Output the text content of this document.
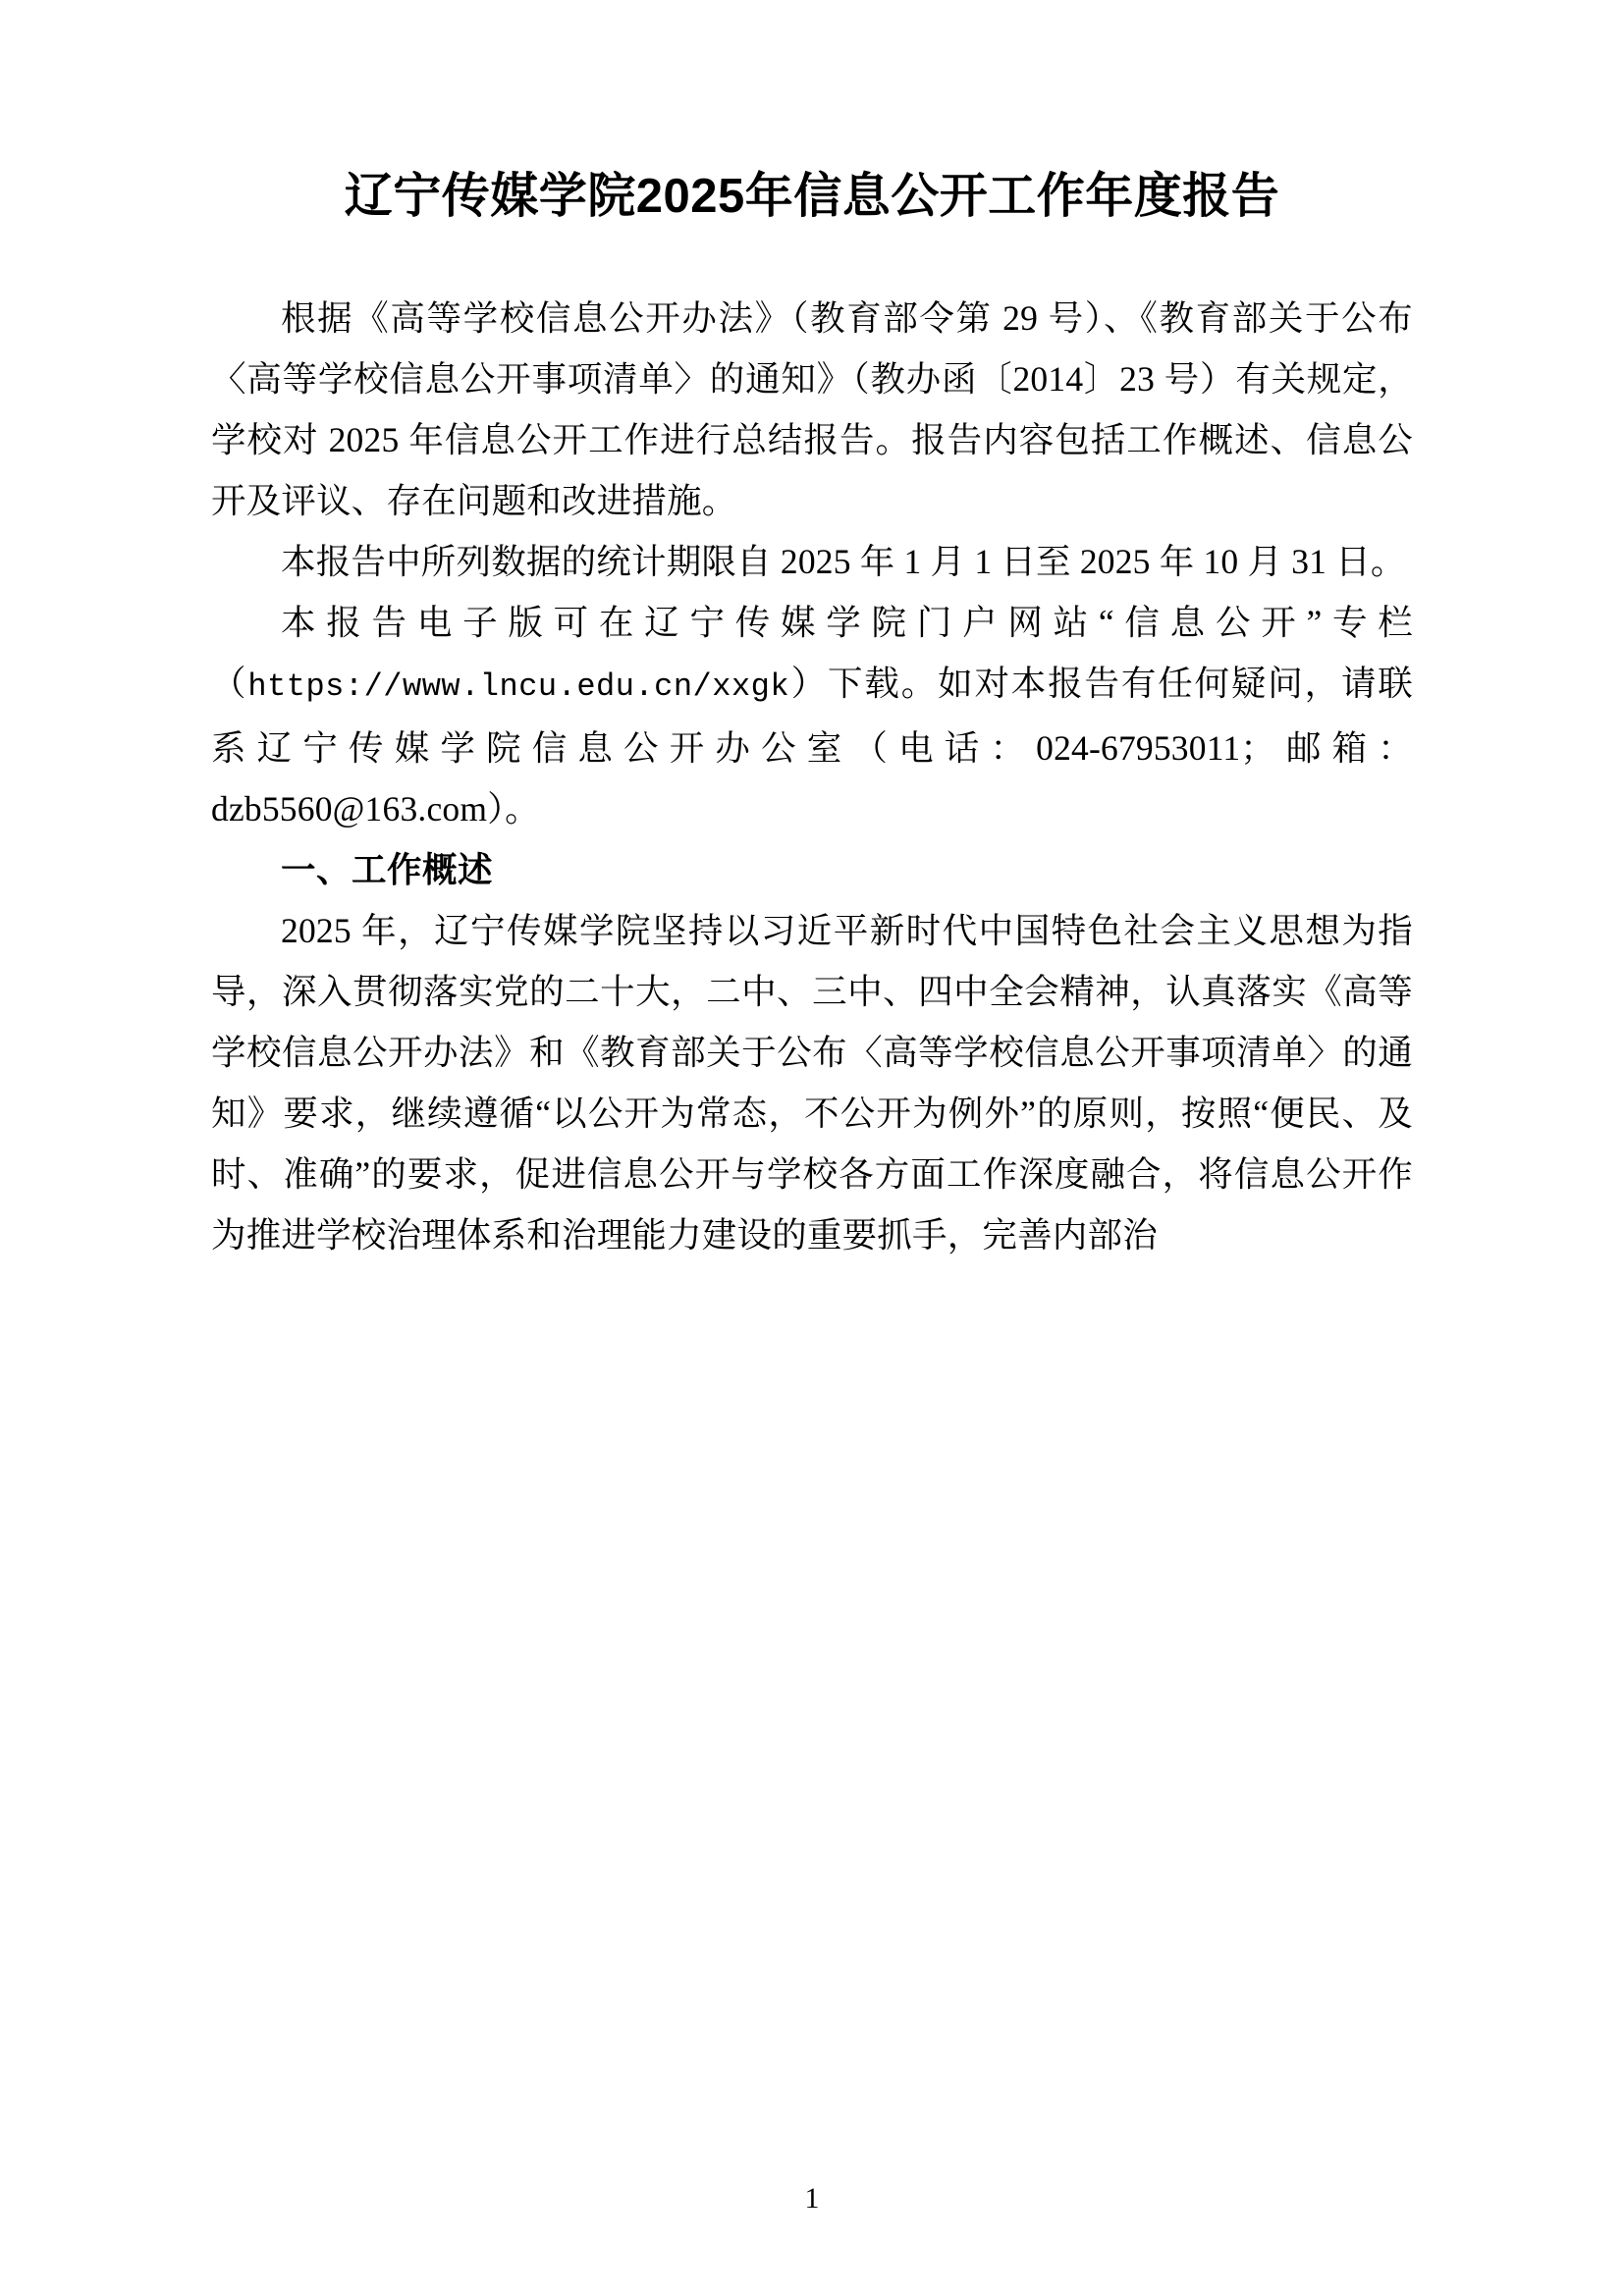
辽宁传媒学院2025年信息公开工作年度报告

根据《高等学校信息公开办法》（教育部令第 29 号）、《教育部关于公布〈高等学校信息公开事项清单〉的通知》（教办函〔2014〕23 号）有关规定，学校对 2025 年信息公开工作进行总结报告。报告内容包括工作概述、信息公开及评议、存在问题和改进措施。

本报告中所列数据的统计期限自 2025 年 1 月 1 日至 2025 年 10 月 31 日。

本报告电子版可在辽宁传媒学院门户网站“信息公开”专栏（https://www.lncu.edu.cn/xxgk）下载。如对本报告有任何疑问，请联系辽宁传媒学院信息公开办公室（电话：024-67953011；邮箱：dzb5560@163.com）。

一、工作概述

2025 年，辽宁传媒学院坚持以习近平新时代中国特色社会主义思想为指导，深入贯彻落实党的二十大，二中、三中、四中全会精神，认真落实《高等学校信息公开办法》和《教育部关于公布〈高等学校信息公开事项清单〉的通知》要求，继续遵循“以公开为常态，不公开为例外”的原则，按照“便民、及时、准确”的要求，促进信息公开与学校各方面工作深度融合，将信息公开作为推进学校治理体系和治理能力建设的重要抓手，完善内部治

1
